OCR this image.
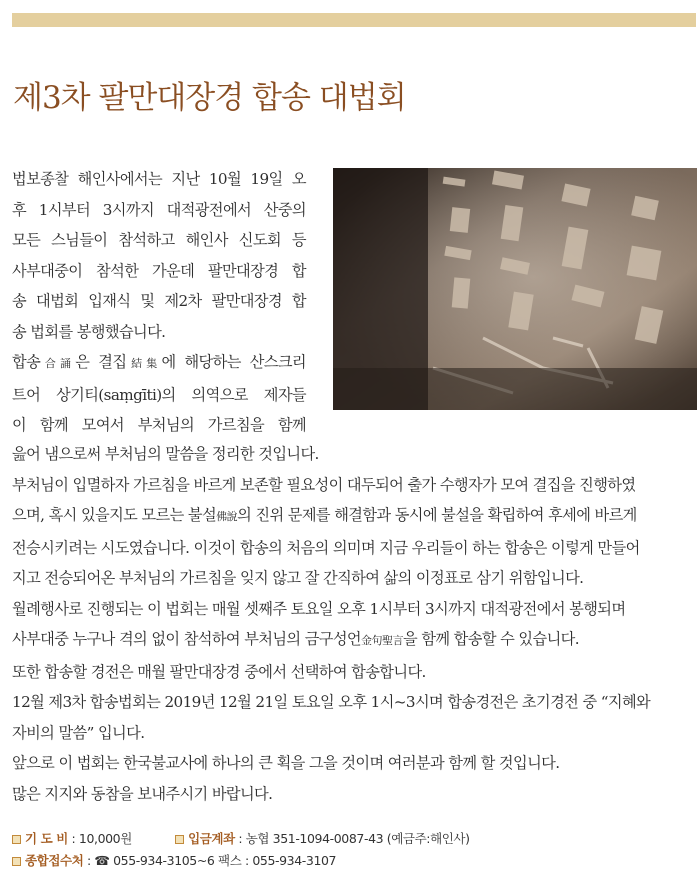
제3차 팔만대장경 합송 대법회

법보종찰 해인사에서는 지난 10월 19일 오
후 1시부터 3시까지 대적광전에서 산중의
모든 스님들이 참석하고 해인사 신도회 등
사부대중이 참석한 가운데 팔만대장경 합
송 대법회 입재식 및 제2차 팔만대장경 합
송 법회를 봉행했습니다.
합송合誦은 결집結集에 해당하는 산스크리
트어 상기티(saṃgīti)의 의역으로 제자들
이 함께 모여서 부처님의 가르침을 함께

읊어 냄으로써 부처님의 말씀을 정리한 것입니다.
부처님이 입멸하자 가르침을 바르게 보존할 필요성이 대두되어 출가 수행자가 모여 결집을 진행하였
으며, 혹시 있을지도 모르는 불설佛說의 진위 문제를 해결함과 동시에 불설을 확립하여 후세에 바르게
전승시키려는 시도였습니다. 이것이 합송의 처음의 의미며 지금 우리들이 하는 합송은 이렇게 만들어
지고 전승되어온 부처님의 가르침을 잊지 않고 잘 간직하여 삶의 이정표로 삼기 위함입니다.
월례행사로 진행되는 이 법회는 매월 셋째주 토요일 오후 1시부터 3시까지 대적광전에서 봉행되며
사부대중 누구나 격의 없이 참석하여 부처님의 금구성언金句聖言을 함께 합송할 수 있습니다.
또한 합송할 경전은 매월 팔만대장경 중에서 선택하여 합송합니다.
12월 제3차 합송법회는 2019년 12월 21일 토요일 오후 1시~3시며 합송경전은 초기경전 중 “지혜와
자비의 말씀” 입니다.
앞으로 이 법회는 한국불교사에 하나의 큰 획을 그을 것이며 여러분과 함께 할 것입니다.
많은 지지와 동참을 보내주시기 바랍니다.

기 도 비 : 10,000원	입금계좌 : 농협 351-1094-0087-43 (예금주:해인사)
종합접수처 : ☎ 055-934-3105~6 팩스 : 055-934-3107
